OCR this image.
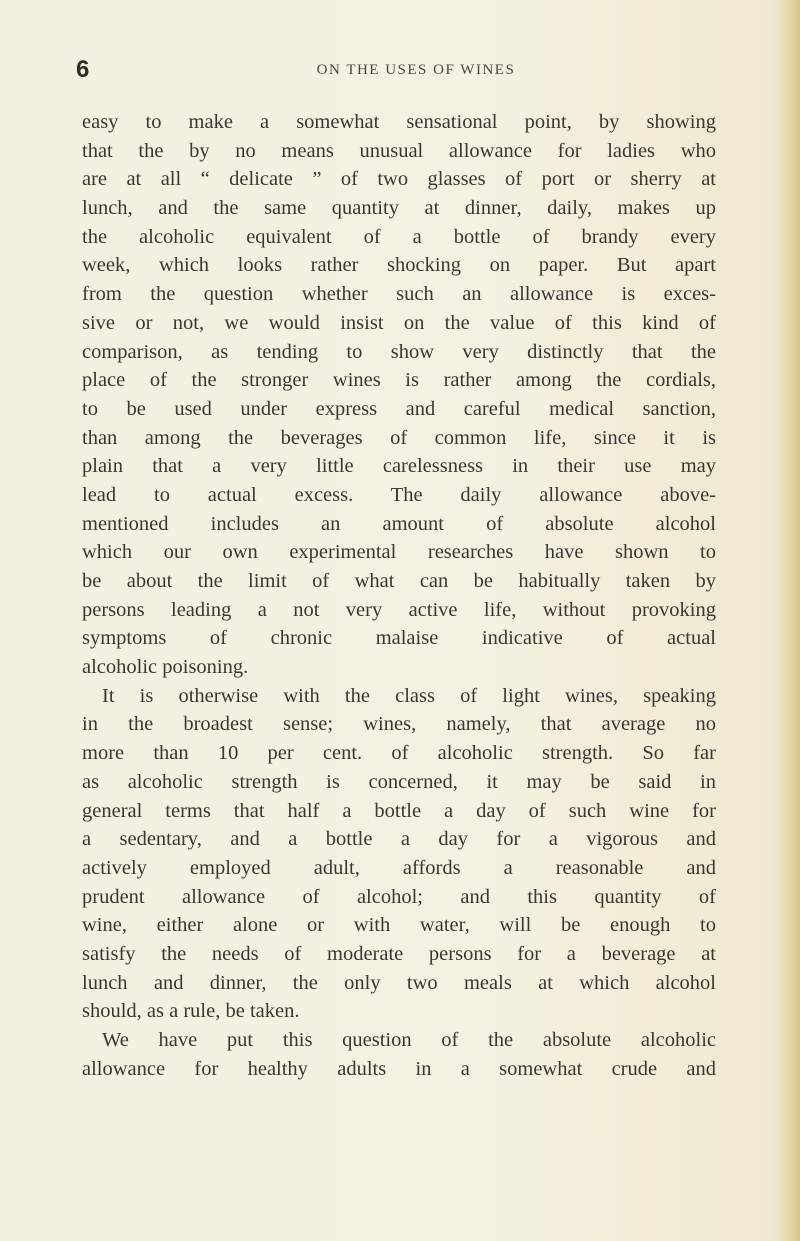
6	ON THE USES OF WINES
easy to make a somewhat sensational point, by showing
that the by no means unusual allowance for ladies who
are at all “ delicate ” of two glasses of port or sherry at
lunch, and the same quantity at dinner, daily, makes up
the alcoholic equivalent of a bottle of brandy every
week, which looks rather shocking on paper. But apart
from the question whether such an allowance is exces-
sive or not, we would insist on the value of this kind of
comparison, as tending to show very distinctly that the
place of the stronger wines is rather among the cordials,
to be used under express and careful medical sanction,
than among the beverages of common life, since it is
plain that a very little carelessness in their use may
lead to actual excess. The daily allowance above-
mentioned includes an amount of absolute alcohol
which our own experimental researches have shown to
be about the limit of what can be habitually taken by
persons leading a not very active life, without provoking
symptoms of chronic malaise indicative of actual
alcoholic poisoning.
It is otherwise with the class of light wines, speaking
in the broadest sense; wines, namely, that average no
more than 10 per cent. of alcoholic strength. So far
as alcoholic strength is concerned, it may be said in
general terms that half a bottle a day of such wine for
a sedentary, and a bottle a day for a vigorous and
actively employed adult, affords a reasonable and
prudent allowance of alcohol; and this quantity of
wine, either alone or with water, will be enough to
satisfy the needs of moderate persons for a beverage at
lunch and dinner, the only two meals at which alcohol
should, as a rule, be taken.
We have put this question of the absolute alcoholic
allowance for healthy adults in a somewhat crude and
